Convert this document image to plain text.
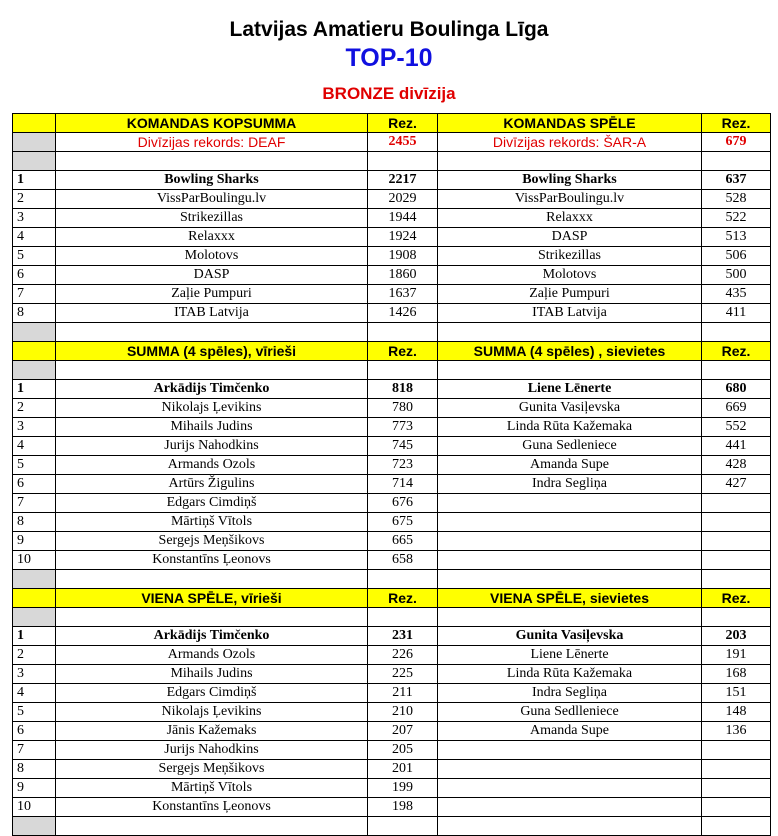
Latvijas Amatieru Boulinga Līga
TOP-10
BRONZE divīzija
	KOMANDAS KOPSUMMA	Rez.	KOMANDAS SPĒLE	Rez.
	Divīzijas rekords: DEAF	2455	Divīzijas rekords: ŠAR-A	679

1	Bowling Sharks	2217	Bowling Sharks	637
2	VissParBoulingu.lv	2029	VissParBoulingu.lv	528
3	Strikezillas	1944	Relaxxx	522
4	Relaxxx	1924	DASP	513
5	Molotovs	1908	Strikezillas	506
6	DASP	1860	Molotovs	500
7	Zaļie Pumpuri	1637	Zaļie Pumpuri	435
8	ITAB Latvija	1426	ITAB Latvija	411

	SUMMA (4 spēles), vīrieši	Rez.	SUMMA (4 spēles) , sievietes	Rez.

1	Arkādijs Timčenko	818	Liene Lēnerte	680
2	Nikolajs Ļevikins	780	Gunita Vasiļevska	669
3	Mihails Judins	773	Linda Rūta Kažemaka	552
4	Jurijs Nahodkins	745	Guna Sedleniece	441
5	Armands Ozols	723	Amanda Supe	428
6	Artūrs Žigulins	714	Indra Segliņa	427
7	Edgars Cimdiņš	676		
8	Mārtiņš Vītols	675		
9	Sergejs Meņšikovs	665		
10	Konstantīns Ļeonovs	658		

	VIENA SPĒLE, vīrieši	Rez.	VIENA SPĒLE, sievietes	Rez.

1	Arkādijs Timčenko	231	Gunita Vasiļevska	203
2	Armands Ozols	226	Liene Lēnerte	191
3	Mihails Judins	225	Linda Rūta Kažemaka	168
4	Edgars Cimdiņš	211	Indra Segliņa	151
5	Nikolajs Ļevikins	210	Guna Sedlleniece	148
6	Jānis Kažemaks	207	Amanda Supe	136
7	Jurijs Nahodkins	205		
8	Sergejs Meņšikovs	201		
9	Mārtiņš Vītols	199		
10	Konstantīns Ļeonovs	198		
